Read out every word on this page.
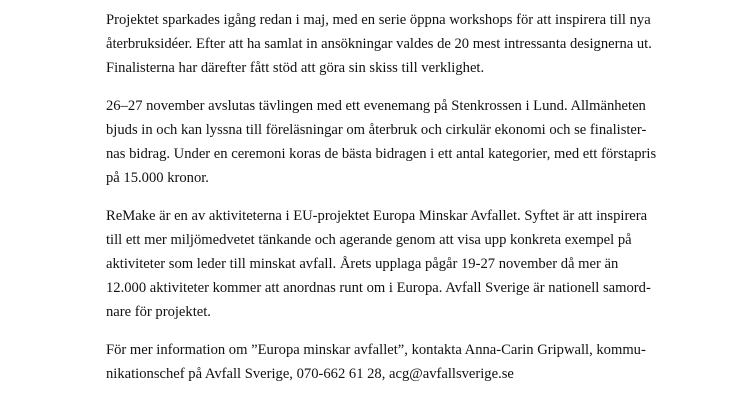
Projektet sparkades igång redan i maj, med en serie öppna workshops för att inspirera till nya
återbruksidéer. Efter att ha samlat in ansökningar valdes de 20 mest intressanta designerna ut.
Finalisterna har därefter fått stöd att göra sin skiss till verklighet.

26–27 november avslutas tävlingen med ett evenemang på Stenkrossen i Lund. Allmänheten
bjuds in och kan lyssna till föreläsningar om återbruk och cirkulär ekonomi och se finalister-
nas bidrag. Under en ceremoni koras de bästa bidragen i ett antal kategorier, med ett förstapris
på 15.000 kronor.

ReMake är en av aktiviteterna i EU-projektet Europa Minskar Avfallet. Syftet är att inspirera
till ett mer miljömedvetet tänkande och agerande genom att visa upp konkreta exempel på
aktiviteter som leder till minskat avfall. Årets upplaga pågår 19-27 november då mer än
12.000 aktiviteter kommer att anordnas runt om i Europa. Avfall Sverige är nationell samord-
nare för projektet.

För mer information om ”Europa minskar avfallet”, kontakta Anna-Carin Gripwall, kommu-
nikationschef på Avfall Sverige, 070-662 61 28, acg@avfallsverige.se
